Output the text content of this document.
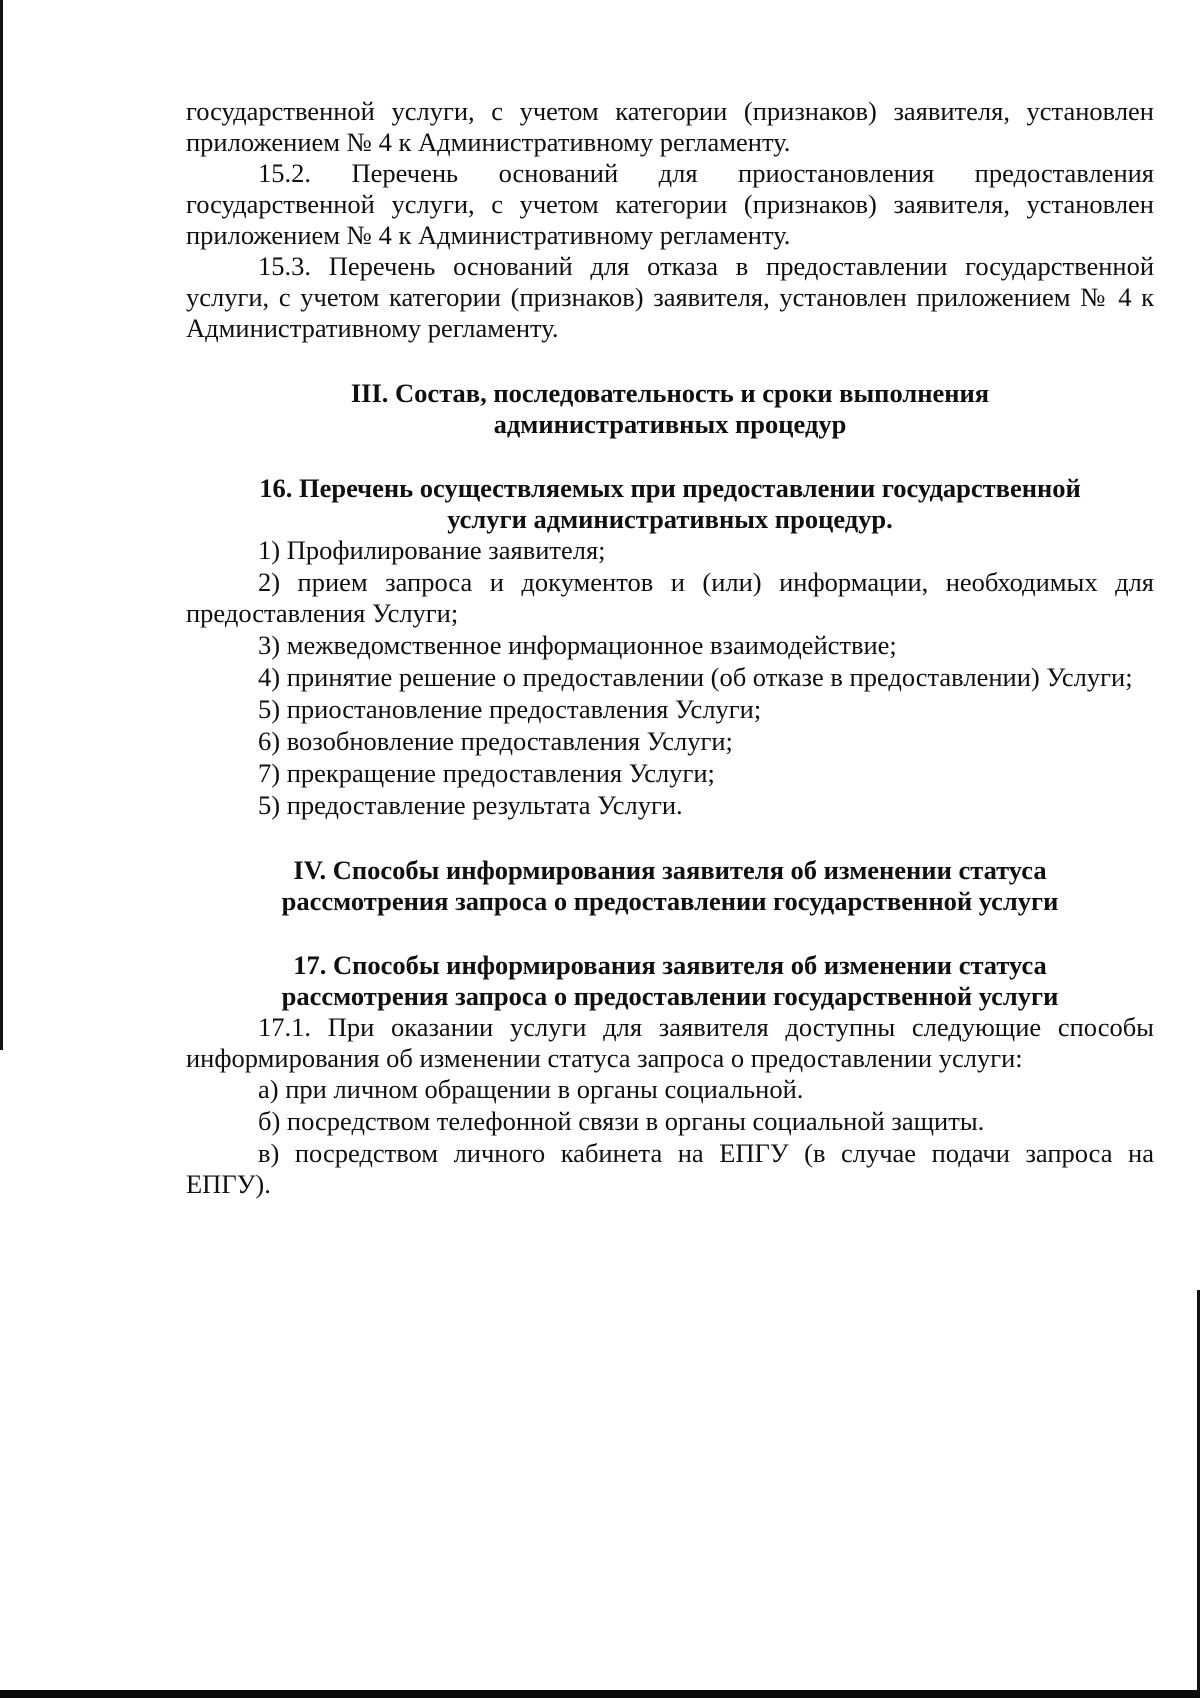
государственной услуги, с учетом категории (признаков) заявителя, установлен приложением № 4 к Административному регламенту.

15.2. Перечень оснований для приостановления предоставления государственной услуги, с учетом категории (признаков) заявителя, установлен приложением № 4 к Административному регламенту.

15.3. Перечень оснований для отказа в предоставлении государственной услуги, с учетом категории (признаков) заявителя, установлен приложением № 4 к Административному регламенту.

III. Состав, последовательность и сроки выполнения

административных процедур

16. Перечень осуществляемых при предоставлении государственной

услуги административных процедур.

1) Профилирование заявителя;

2) прием запроса и документов и (или) информации, необходимых для предоставления Услуги;

3) межведомственное информационное взаимодействие;

4) принятие решение о предоставлении (об отказе в предоставлении) Услуги;

5) приостановление предоставления Услуги;

6) возобновление предоставления Услуги;

7) прекращение предоставления Услуги;

5) предоставление результата Услуги.

IV. Способы информирования заявителя об изменении статуса

рассмотрения запроса о предоставлении государственной услуги

17. Способы информирования заявителя об изменении статуса

рассмотрения запроса о предоставлении государственной услуги

17.1. При оказании услуги для заявителя доступны следующие способы информирования об изменении статуса запроса о предоставлении услуги:

а) при личном обращении в органы социальной.

б) посредством телефонной связи в органы социальной защиты.

в) посредством личного кабинета на ЕПГУ (в случае подачи запроса на ЕПГУ).
